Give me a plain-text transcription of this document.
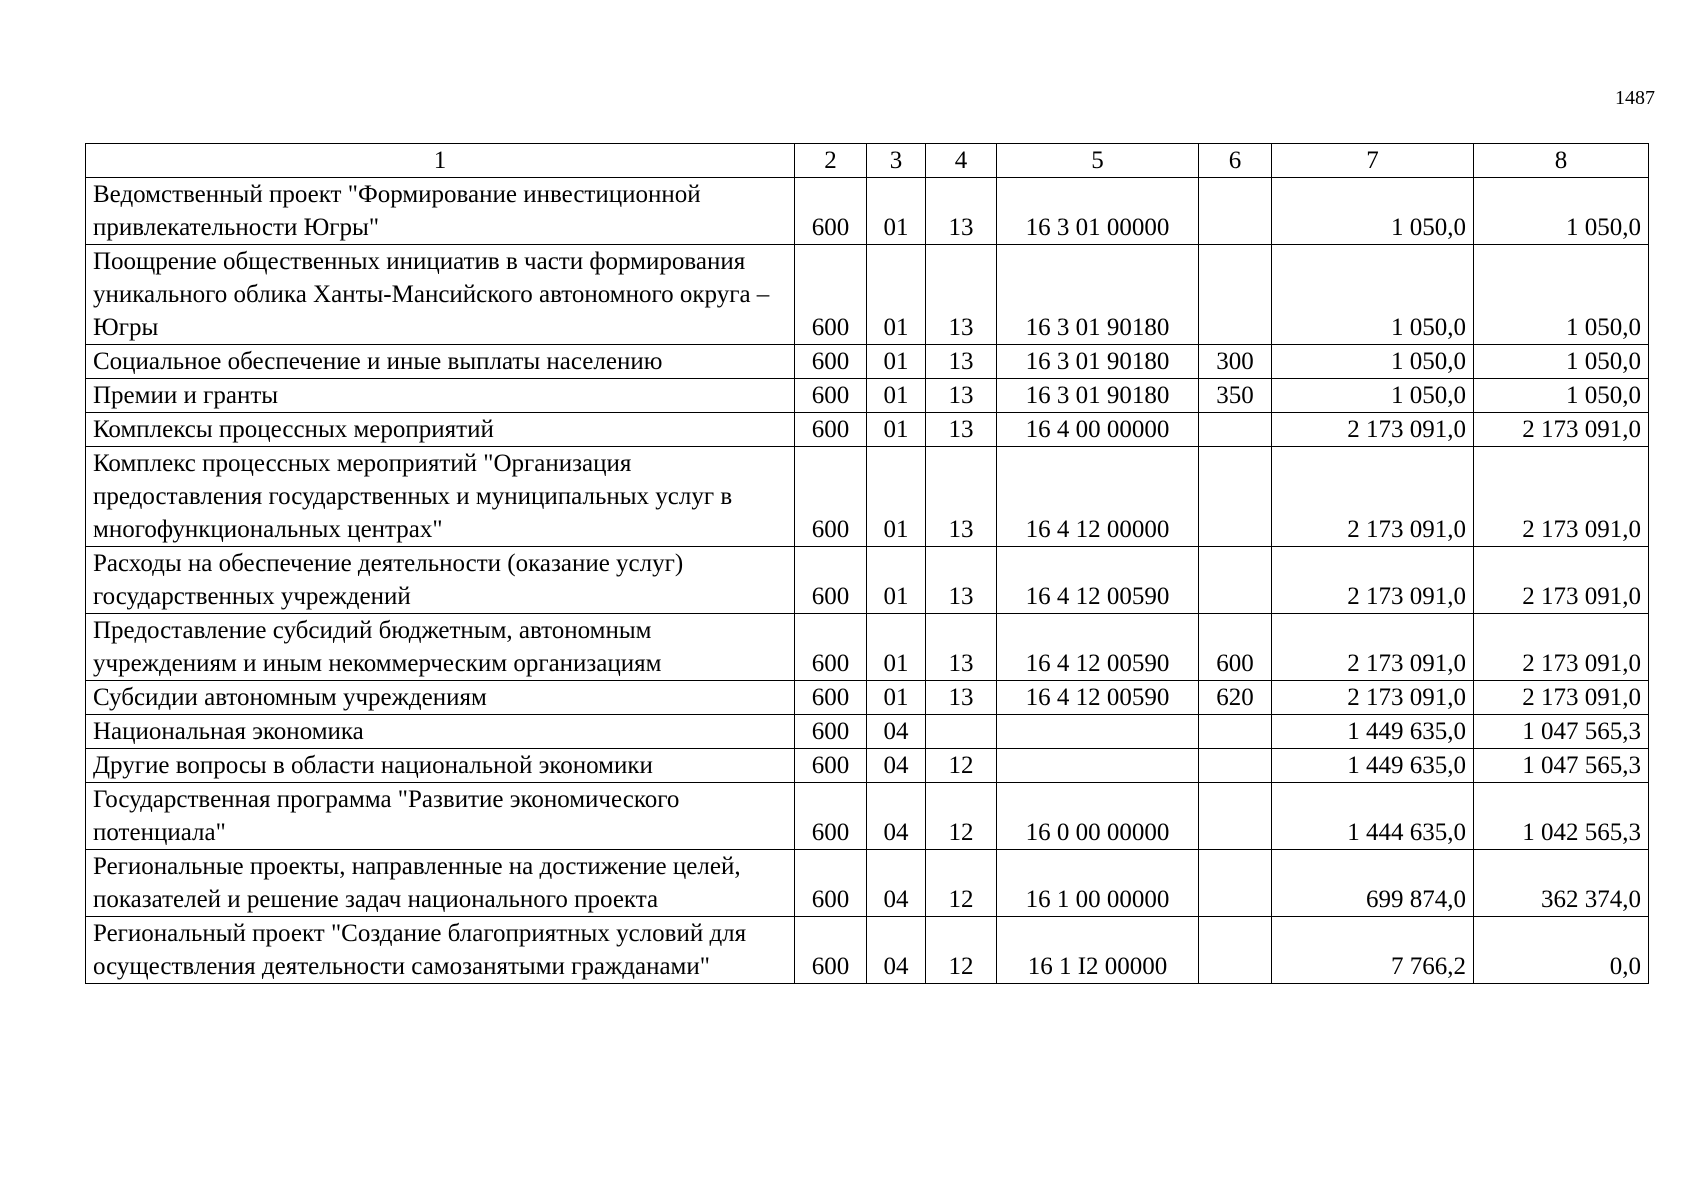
1487
1	2	3	4	5	6	7	8
Ведомственный проект "Формирование инвестиционной привлекательности Югры"	600	01	13	16 3 01 00000		1 050,0	1 050,0
Поощрение общественных инициатив в части формирования уникального облика Ханты-Мансийского автономного округа – Югры	600	01	13	16 3 01 90180		1 050,0	1 050,0
Социальное обеспечение и иные выплаты населению	600	01	13	16 3 01 90180	300	1 050,0	1 050,0
Премии и гранты	600	01	13	16 3 01 90180	350	1 050,0	1 050,0
Комплексы процессных мероприятий	600	01	13	16 4 00 00000		2 173 091,0	2 173 091,0
Комплекс процессных мероприятий "Организация предоставления государственных и муниципальных услуг в многофункциональных центрах"	600	01	13	16 4 12 00000		2 173 091,0	2 173 091,0
Расходы на обеспечение деятельности (оказание услуг) государственных учреждений	600	01	13	16 4 12 00590		2 173 091,0	2 173 091,0
Предоставление субсидий бюджетным, автономным учреждениям и иным некоммерческим организациям	600	01	13	16 4 12 00590	600	2 173 091,0	2 173 091,0
Субсидии автономным учреждениям	600	01	13	16 4 12 00590	620	2 173 091,0	2 173 091,0
Национальная экономика	600	04				1 449 635,0	1 047 565,3
Другие вопросы в области национальной экономики	600	04	12			1 449 635,0	1 047 565,3
Государственная программа "Развитие экономического потенциала"	600	04	12	16 0 00 00000		1 444 635,0	1 042 565,3
Региональные проекты, направленные на достижение целей, показателей и решение задач национального проекта	600	04	12	16 1 00 00000		699 874,0	362 374,0
Региональный проект "Создание благоприятных условий для осуществления деятельности самозанятыми гражданами"	600	04	12	16 1 I2 00000		7 766,2	0,0
